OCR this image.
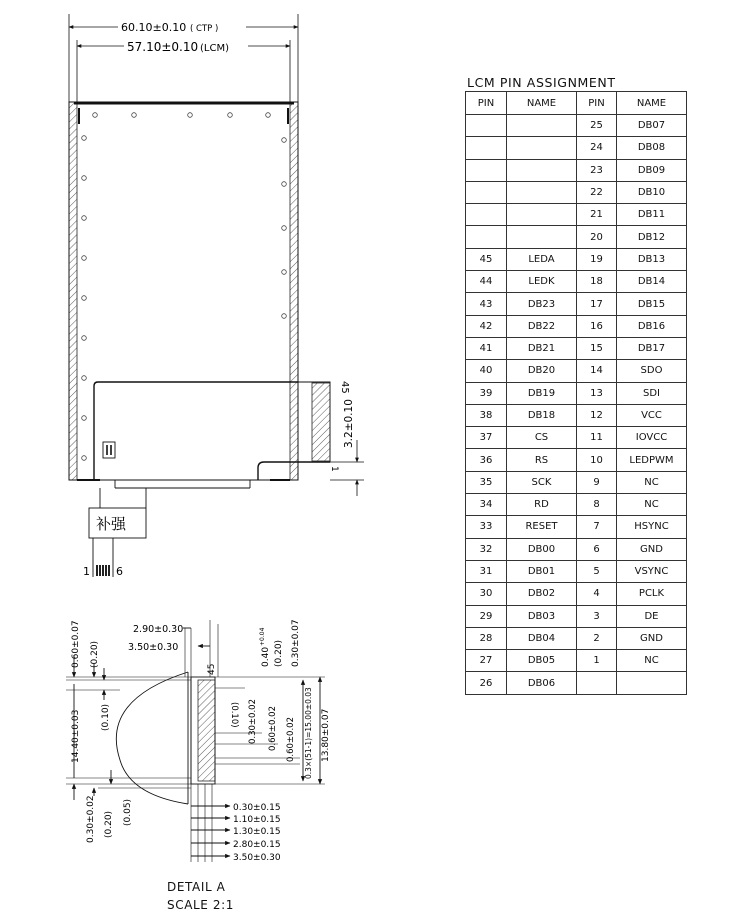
60.10±0.10 ( CTP )
57.10±0.10 (LCM)
45
1
3.2±0.10
补强
1 6
2.90±0.30
3.50±0.30
45
0.60±0.07 (0.20)	0.40
+0.04
(0.20) 0.30±0.07
(0.10)
14.40±0.03	(0.10) 0.30±0.02 0.60±0.02 0.60±0.02 0.3×(51-1)=15.00±0.03 13.80±0.07
0.30±0.02 (0.20) (0.05)	0.30±0.15
1.10±0.15
1.30±0.15
2.80±0.15
3.50±0.30
DETAIL A
SCALE 2:1
LCM PIN ASSIGNMENT
PIN	NAME	PIN	NAME
		25	DB07
		24	DB08
		23	DB09
		22	DB10
		21	DB11
		20	DB12
45	LEDA	19	DB13
44	LEDK	18	DB14
43	DB23	17	DB15
42	DB22	16	DB16
41	DB21	15	DB17
40	DB20	14	SDO
39	DB19	13	SDI
38	DB18	12	VCC
37	CS	11	IOVCC
36	RS	10	LEDPWM
35	SCK	9	NC
34	RD	8	NC
33	RESET	7	HSYNC
32	DB00	6	GND
31	DB01	5	VSYNC
30	DB02	4	PCLK
29	DB03	3	DE
28	DB04	2	GND
27	DB05	1	NC
26	DB06		
